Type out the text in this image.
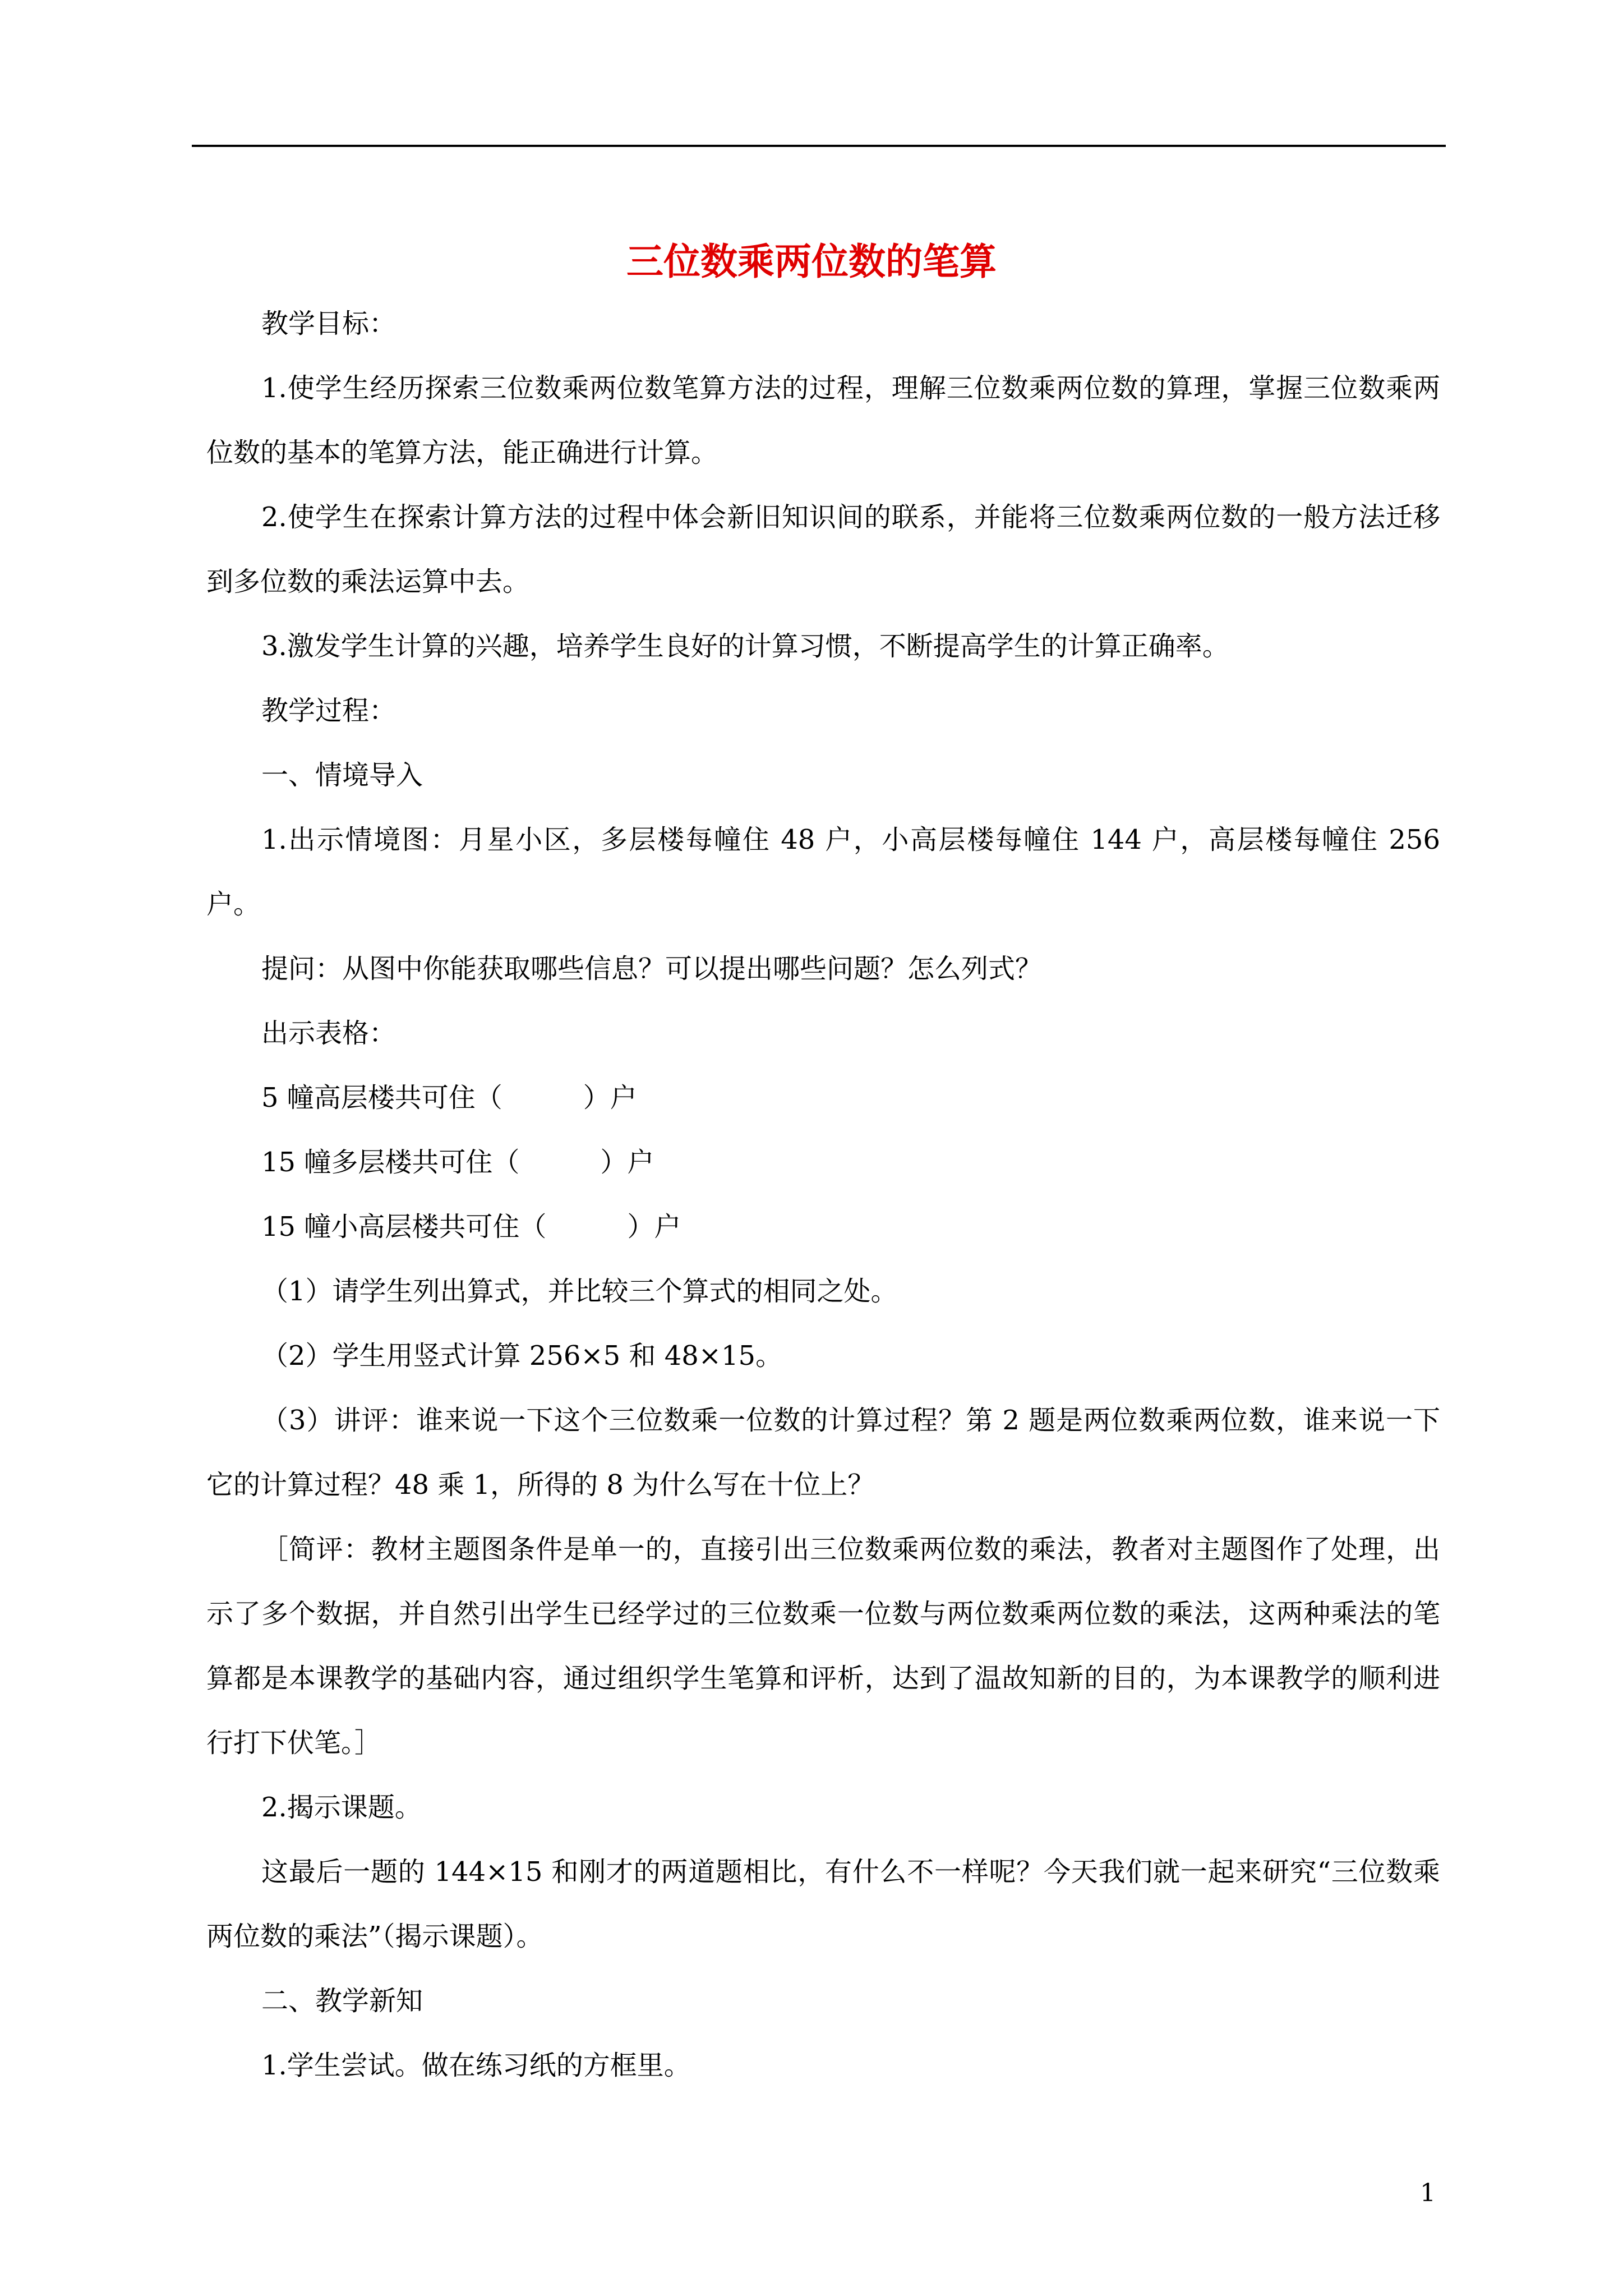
三位数乘两位数的笔算

教学目标：

1.使学生经历探索三位数乘两位数笔算方法的过程，理解三位数乘两位数的算理，掌握三位数乘两位数的基本的笔算方法，能正确进行计算。

2.使学生在探索计算方法的过程中体会新旧知识间的联系，并能将三位数乘两位数的一般方法迁移到多位数的乘法运算中去。

3.激发学生计算的兴趣，培养学生良好的计算习惯，不断提高学生的计算正确率。

教学过程：

一、情境导入

1.出示情境图：月星小区，多层楼每幢住 48 户，小高层楼每幢住 144 户，高层楼每幢住 256 户。

提问：从图中你能获取哪些信息？可以提出哪些问题？怎么列式？

出示表格：

5 幢高层楼共可住（　　　）户

15 幢多层楼共可住（　　　）户

15 幢小高层楼共可住（　　　）户

（1）请学生列出算式，并比较三个算式的相同之处。

（2）学生用竖式计算 256×5 和 48×15。

（3）讲评：谁来说一下这个三位数乘一位数的计算过程？第 2 题是两位数乘两位数，谁来说一下它的计算过程？48 乘 1，所得的 8 为什么写在十位上？

［简评：教材主题图条件是单一的，直接引出三位数乘两位数的乘法，教者对主题图作了处理，出示了多个数据，并自然引出学生已经学过的三位数乘一位数与两位数乘两位数的乘法，这两种乘法的笔算都是本课教学的基础内容，通过组织学生笔算和评析，达到了温故知新的目的，为本课教学的顺利进行打下伏笔。］

2.揭示课题。

这最后一题的 144×15 和刚才的两道题相比，有什么不一样呢？今天我们就一起来研究“三位数乘两位数的乘法”（揭示课题）。

二、教学新知

1.学生尝试。做在练习纸的方框里。

1
